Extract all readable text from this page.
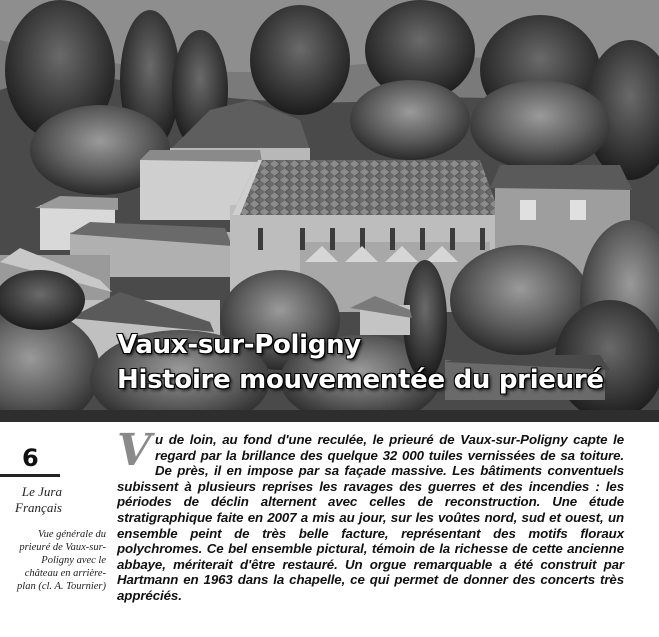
Vaux-sur-Poligny
Histoire mouvementée du prieuré
6
Le Jura
Français
Vue générale du prieuré de Vaux-sur-Poligny avec le château en arrière-plan (cl. A. Tournier)

Vu de loin, au fond d'une reculée, le prieuré de Vaux-sur-Poligny capte le regard par la brillance des quelque 32 000 tuiles vernissées de sa toiture. De près, il en impose par sa façade massive. Les bâtiments conventuels subissent à plusieurs reprises les ravages des guerres et des incendies : les périodes de déclin alternent avec celles de reconstruction. Une étude stratigraphique faite en 2007 a mis au jour, sur les voûtes nord, sud et ouest, un ensemble peint de très belle facture, représentant des motifs floraux polychromes. Ce bel ensemble pictural, témoin de la richesse de cette ancienne abbaye, mériterait d'être restauré. Un orgue remarquable a été construit par Hartmann en 1963 dans la chapelle, ce qui permet de donner des concerts très appréciés.
